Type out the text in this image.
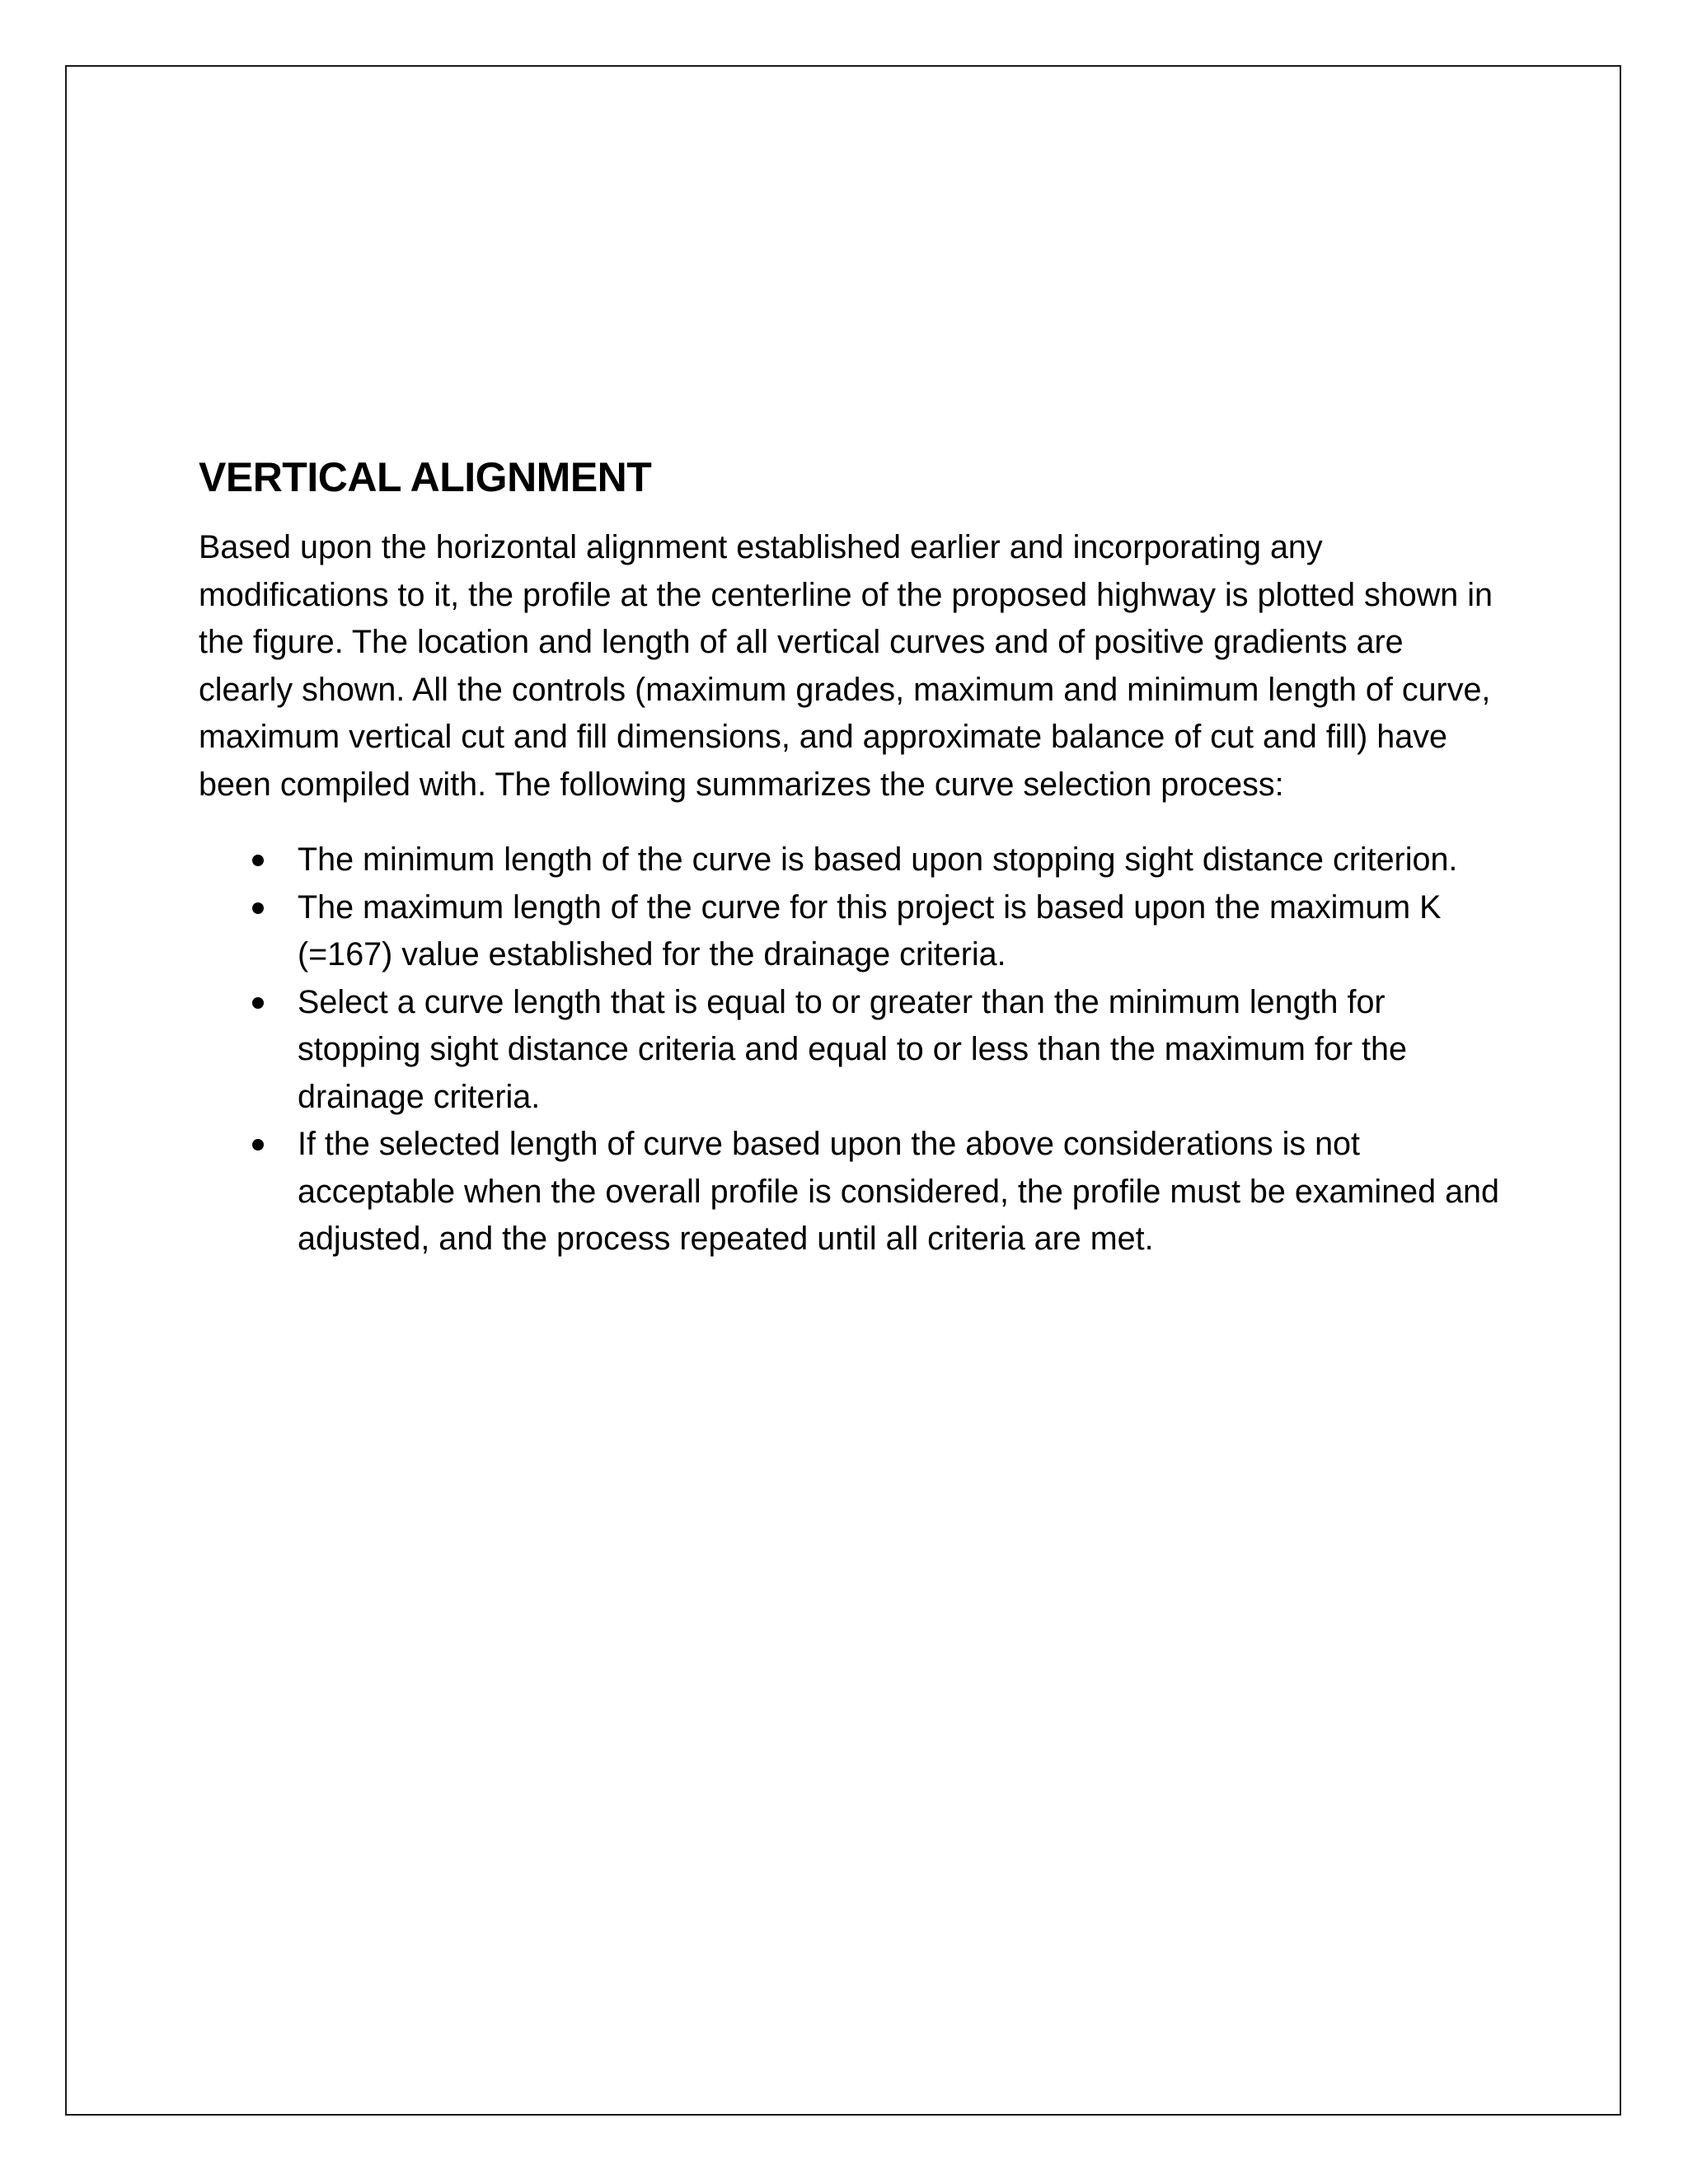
VERTICAL ALIGNMENT

Based upon the horizontal alignment established earlier and incorporating any modifications to it, the profile at the centerline of the proposed highway is plotted shown in the figure. The location and length of all vertical curves and of positive gradients are clearly shown. All the controls (maximum grades, maximum and minimum length of curve, maximum vertical cut and fill dimensions, and approximate balance of cut and fill) have been compiled with. The following summarizes the curve selection process:

The minimum length of the curve is based upon stopping sight distance criterion.
The maximum length of the curve for this project is based upon the maximum K (=167) value established for the drainage criteria.
Select a curve length that is equal to or greater than the minimum length for stopping sight distance criteria and equal to or less than the maximum for the drainage criteria.
If the selected length of curve based upon the above considerations is not acceptable when the overall profile is considered, the profile must be examined and adjusted, and the process repeated until all criteria are met.
